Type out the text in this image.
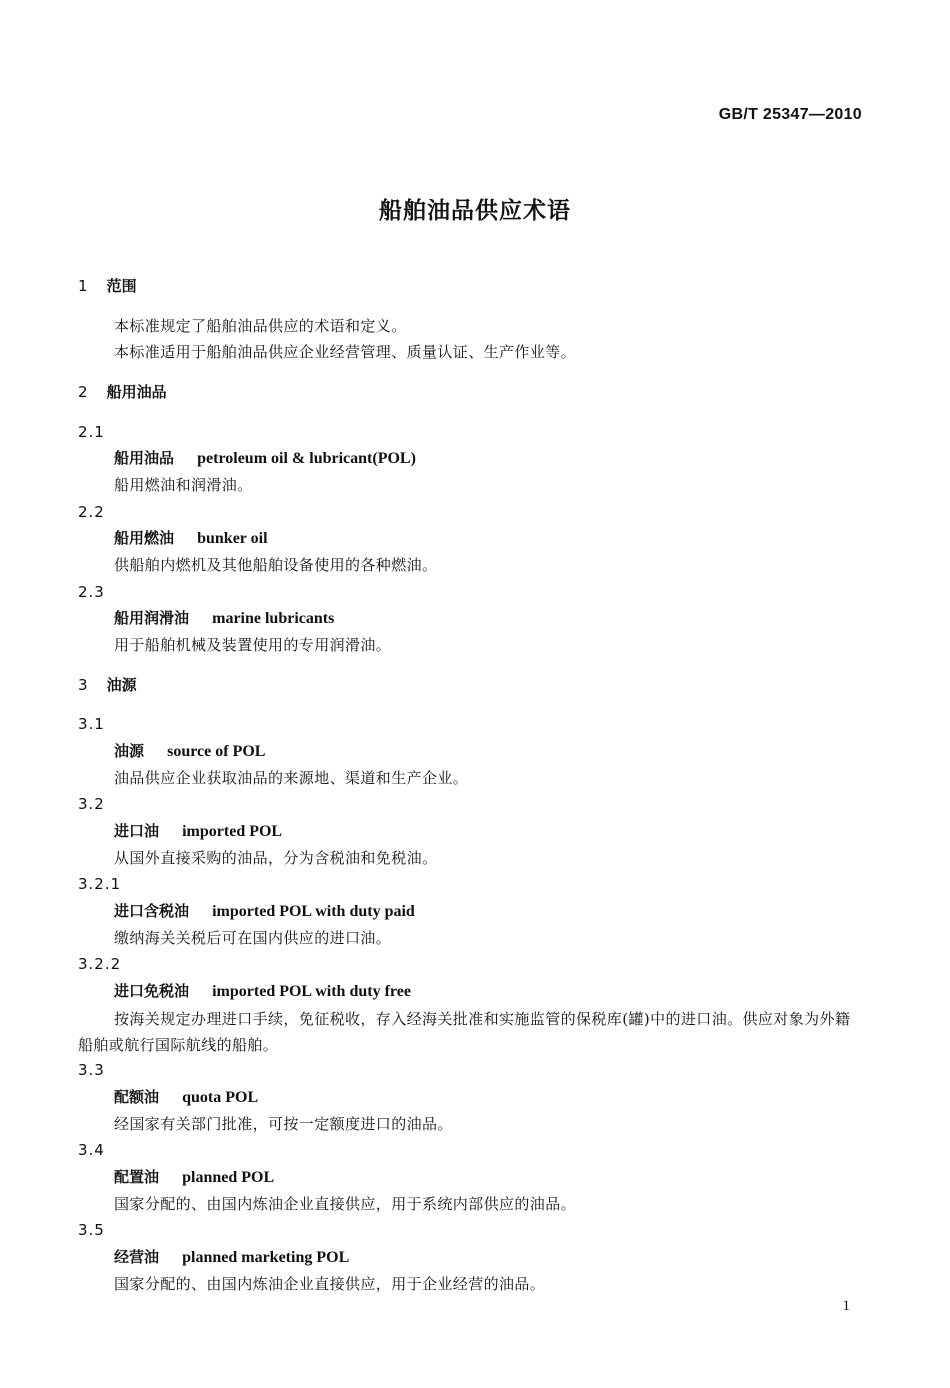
GB/T 25347—2010
船舶油品供应术语
1 范围
本标准规定了船舶油品供应的术语和定义。
本标准适用于船舶油品供应企业经营管理、质量认证、生产作业等。
2 船用油品
2.1
船用油品 petroleum oil & lubricant(POL)
船用燃油和润滑油。
2.2
船用燃油 bunker oil
供船舶内燃机及其他船舶设备使用的各种燃油。
2.3
船用润滑油 marine lubricants
用于船舶机械及装置使用的专用润滑油。
3 油源
3.1
油源 source of POL
油品供应企业获取油品的来源地、渠道和生产企业。
3.2
进口油 imported POL
从国外直接采购的油品，分为含税油和免税油。
3.2.1
进口含税油 imported POL with duty paid
缴纳海关关税后可在国内供应的进口油。
3.2.2
进口免税油 imported POL with duty free
按海关规定办理进口手续，免征税收，存入经海关批准和实施监管的保税库(罐)中的进口油。供应对象为外籍船舶或航行国际航线的船舶。
3.3
配额油 quota POL
经国家有关部门批准，可按一定额度进口的油品。
3.4
配置油 planned POL
国家分配的、由国内炼油企业直接供应，用于系统内部供应的油品。
3.5
经营油 planned marketing POL
国家分配的、由国内炼油企业直接供应，用于企业经营的油品。
1
